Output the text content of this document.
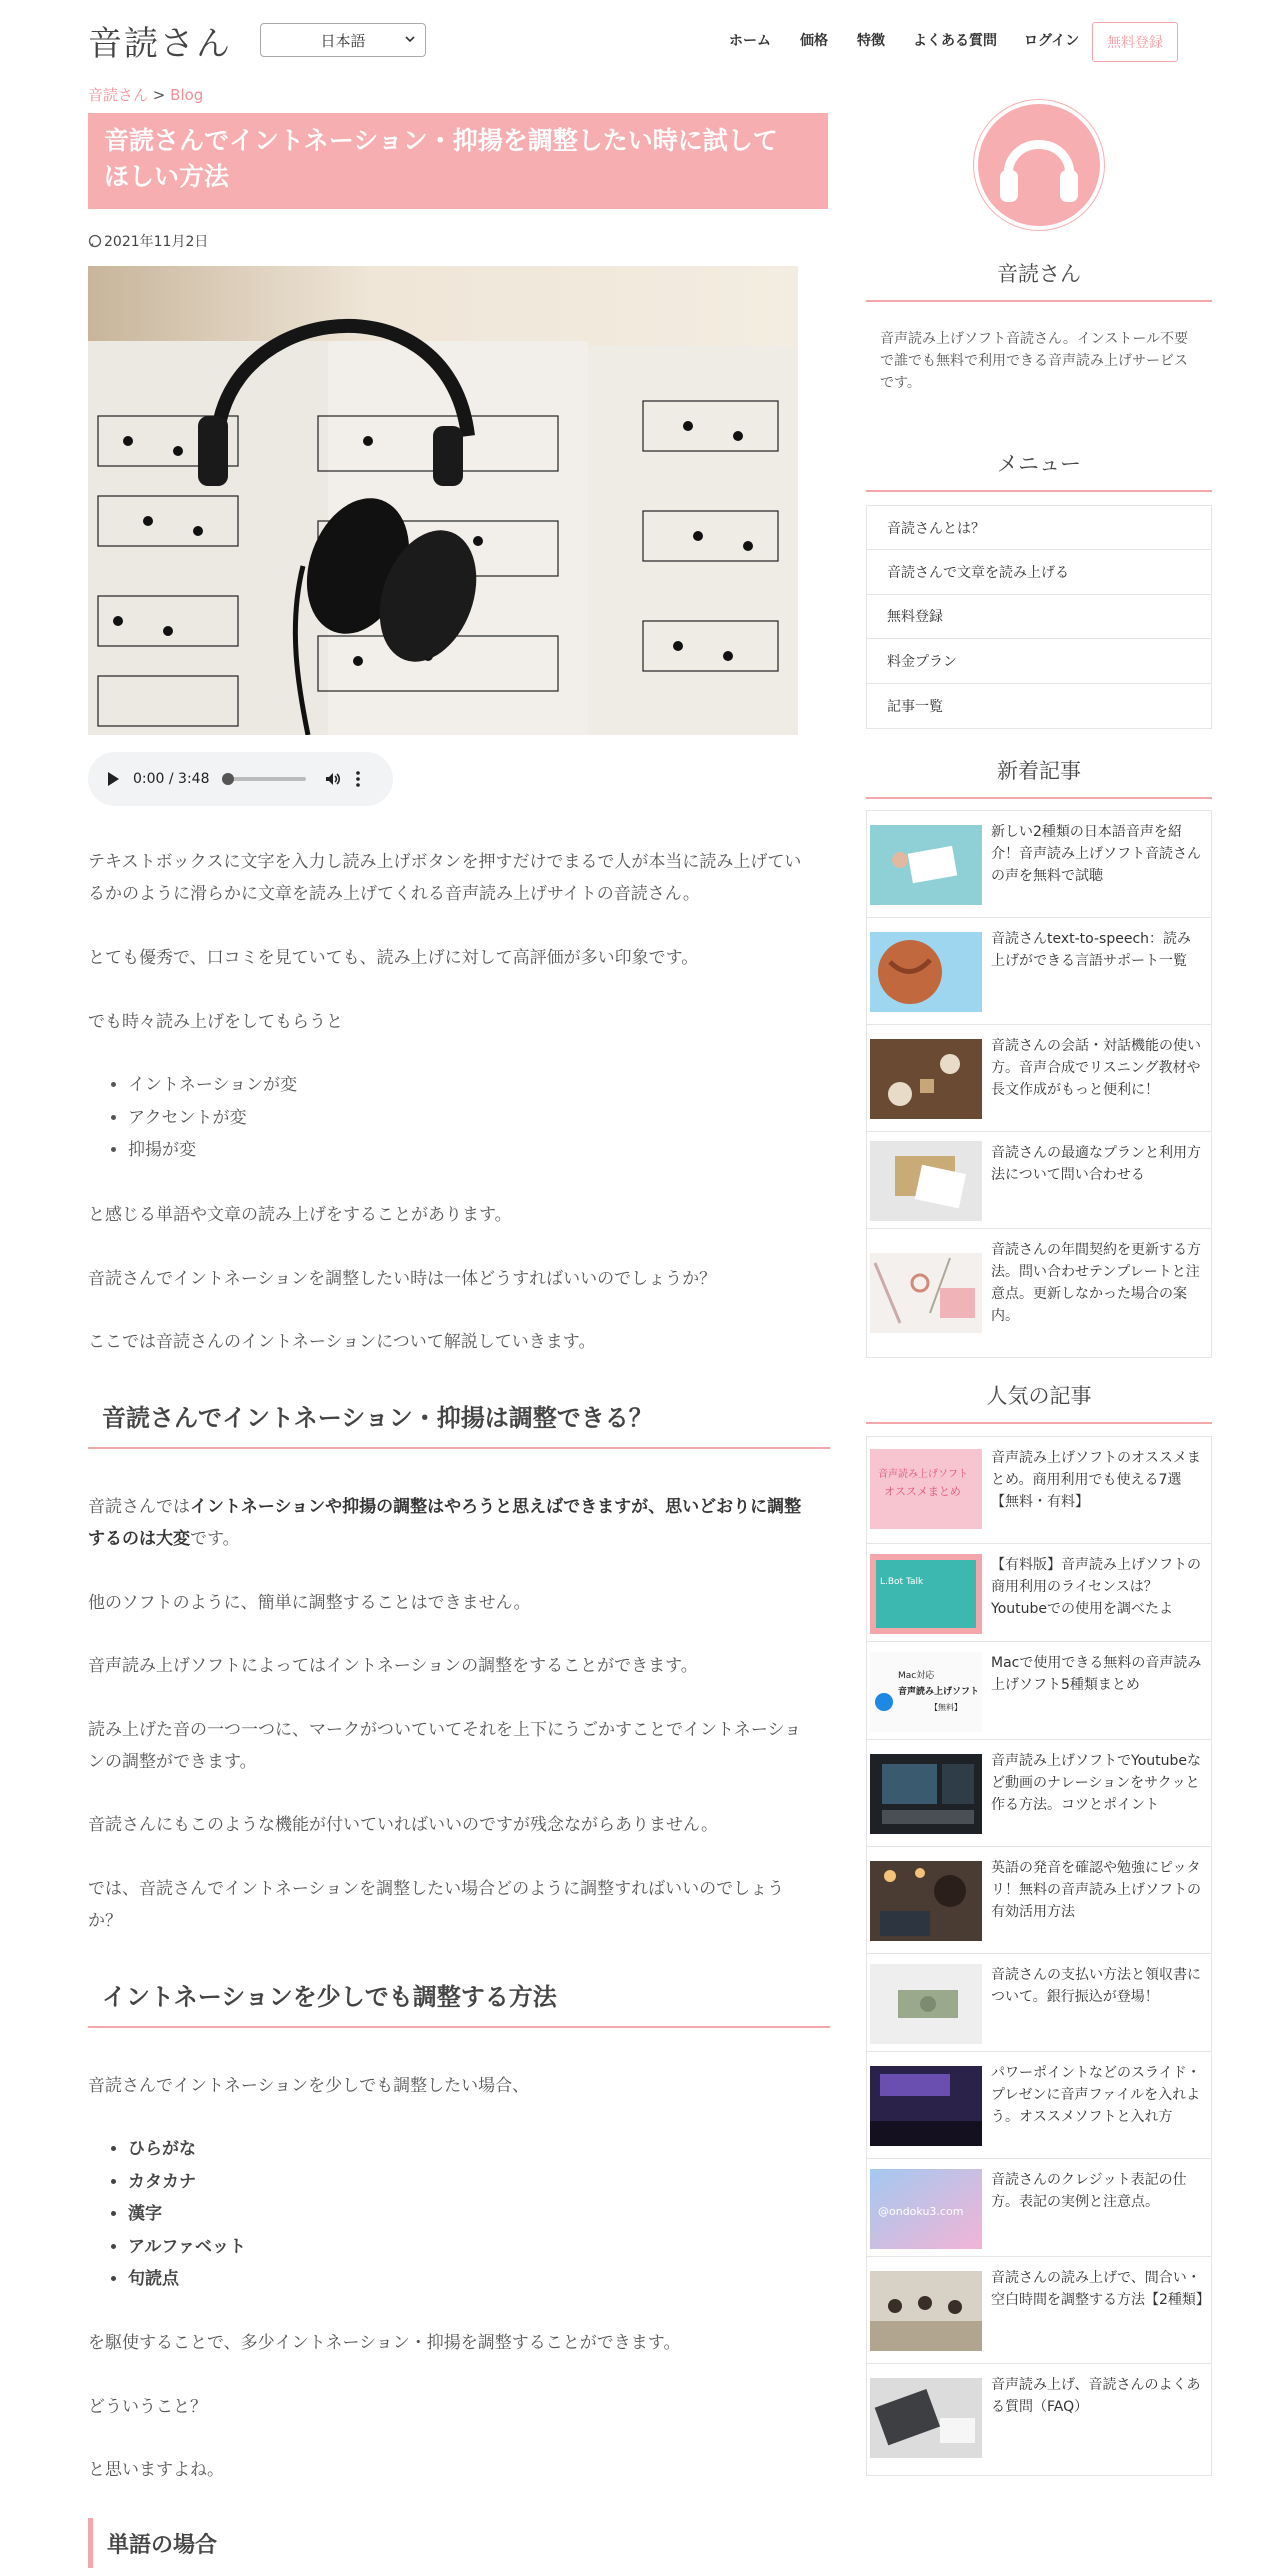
音読さん	日本語	ホーム 価格 特徴 よくある質問 ログイン	無料登録
音読さん > Blog
音読さんでイントネーション・抑揚を調整したい時に試して
ほしい方法
2021年11月2日
0:00 / 3:48
テキストボックスに文字を入力し読み上げボタンを押すだけでまるで人が本当に読み上げてい
るかのように滑らかに文章を読み上げてくれる音声読み上げサイトの音読さん。
とても優秀で、口コミを見ていても、読み上げに対して高評価が多い印象です。
でも時々読み上げをしてもらうと
• イントネーションが変
• アクセントが変
• 抑揚が変
と感じる単語や文章の読み上げをすることがあります。
音読さんでイントネーションを調整したい時は一体どうすればいいのでしょうか？
ここでは音読さんのイントネーションについて解説していきます。
音読さんでイントネーション・抑揚は調整できる？
音読さんではイントネーションや抑揚の調整はやろうと思えばできますが、思いどおりに調整
するのは大変です。
他のソフトのように、簡単に調整することはできません。
音声読み上げソフトによってはイントネーションの調整をすることができます。
読み上げた音の一つ一つに、マークがついていてそれを上下にうごかすことでイントネーショ
ンの調整ができます。
音読さんにもこのような機能が付いていればいいのですが残念ながらありません。
では、音読さんでイントネーションを調整したい場合どのように調整すればいいのでしょう
か？
イントネーションを少しでも調整する方法
音読さんでイントネーションを少しでも調整したい場合、
• ひらがな
• カタカナ
• 漢字
• アルファベット
• 句読点
を駆使することで、多少イントネーション・抑揚を調整することができます。
どういうこと？
と思いますよね。
単語の場合
音読さん
音声読み上げソフト音読さん。インストール不要で誰でも無料で利用できる音声読み上げサービスです。
メニュー
音読さんとは？
音読さんで文章を読み上げる
無料登録
料金プラン
記事一覧
新着記事
新しい2種類の日本語音声を紹介！音声読み上げソフト音読さんの声を無料で試聴
音読さんtext-to-speech：読み上げができる言語サポート一覧
音読さんの会話・対話機能の使い方。音声合成でリスニング教材や長文作成がもっと便利に！
音読さんの最適なプランと利用方法について問い合わせる
音読さんの年間契約を更新する方法。問い合わせテンプレートと注意点。更新しなかった場合の案内。
人気の記事
音声読み上げソフト
オススメまとめ
音声読み上げソフトのオススメまとめ。商用利用でも使える7選【無料・有料】
L.Bot Talk
【有料版】音声読み上げソフトの商用利用のライセンスは？Youtubeでの使用を調べたよ
Mac対応
音声読み上げソフト
【無料】
Macで使用できる無料の音声読み上げソフト5種類まとめ
音声読み上げソフトでYoutubeなど動画のナレーションをサクッと作る方法。コツとポイント
英語の発音を確認や勉強にピッタリ！無料の音声読み上げソフトの有効活用方法
音読さんの支払い方法と領収書について。銀行振込が登場！
パワーポイントなどのスライド・プレゼンに音声ファイルを入れよう。オススメソフトと入れ方
@ondoku3.com
音読さんのクレジット表記の仕方。表記の実例と注意点。
音読さんの読み上げで、間合い・空白時間を調整する方法【2種類】
音声読み上げ、音読さんのよくある質問（FAQ）
